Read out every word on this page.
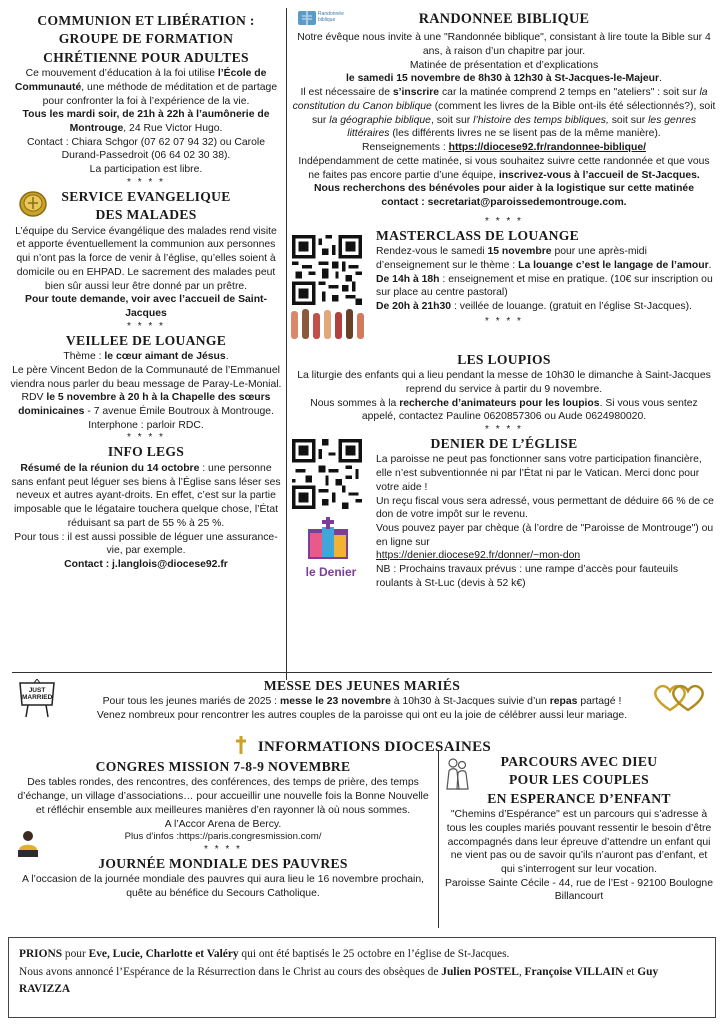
COMMUNION ET LIBÉRATION :
GROUPE DE FORMATION
CHRÉTIENNE POUR ADULTES

Ce mouvement d’éducation à la foi utilise l’École de Communauté, une méthode de méditation et de partage pour confronter la foi à l’expérience de la vie.

Tous les mardi soir, de 21h à 22h à l’aumônerie de Montrouge, 24 Rue Victor Hugo.

Contact : Chiara Schgor (07 62 07 94 32) ou Carole Durand-Passedroit (06 64 02 30 38).

La participation est libre.

* * * *
SERVICE EVANGELIQUE
DES MALADES

L’équipe du Service évangélique des malades rend visite et apporte éventuellement la communion aux personnes qui n’ont pas la force de venir à l’église, qu’elles soient à domicile ou en EHPAD. Le sacrement des malades peut bien sûr aussi leur être donné par un prêtre.

Pour toute demande, voir avec l’accueil de Saint-Jacques

* * * *
VEILLEE DE LOUANGE

Thème : le cœur aimant de Jésus.

Le père Vincent Bedon de la Communauté de l’Emmanuel viendra nous parler du beau message de Paray-Le-Monial.

RDV le 5 novembre à 20 h à la Chapelle des sœurs dominicaines - 7 avenue Émile Boutroux à Montrouge. Interphone : parloir RDC.

* * * *
INFO LEGS

Résumé de la réunion du 14 octobre : une personne sans enfant peut léguer ses biens à l’Église sans léser ses neveux et autres ayant-droits. En effet, c’est sur la partie imposable que le légataire touchera quelque chose, l’État réduisant sa part de 55 % à 25 %.

Pour tous : il est aussi possible de léguer une assurance-vie, par exemple.

Contact : j.langlois@diocese92.fr

Randonnée biblique	RANDONNEE BIBLIQUE

Notre évêque nous invite à une "Randonnée biblique", consistant à lire toute la Bible sur 4 ans, à raison d’un chapitre par jour.

Matinée de présentation et d’explications

le samedi 15 novembre de 8h30 à 12h30 à St-Jacques-le-Majeur.

Il est nécessaire de s’inscrire car la matinée comprend 2 temps en "ateliers" : soit sur la constitution du Canon biblique (comment les livres de la Bible ont-ils été sélectionnés?), soit sur la géographie biblique, soit sur l’histoire des temps bibliques, soit sur les genres littéraires (les différents livres ne se lisent pas de la même manière).

Renseignements : https://diocese92.fr/randonnee-biblique/

Indépendamment de cette matinée, si vous souhaitez suivre cette randonnée et que vous ne faites pas encore partie d’une équipe, inscrivez-vous à l’accueil de St-Jacques.

Nous recherchons des bénévoles pour aider à la logistique sur cette matinée

contact : secretariat@paroissedemontrouge.com.

* * * *
MASTERCLASS DE LOUANGE

Rendez-vous le samedi 15 novembre pour une après-midi d’enseignement sur le thème : La louange c’est le langage de l’amour.

De 14h à 18h : enseignement et mise en pratique. (10€ sur inscription ou sur place au centre pastoral)

De 20h à 21h30 : veillée de louange. (gratuit en l’église St-Jacques).

* * * *
LES LOUPIOS

La liturgie des enfants qui a lieu pendant la messe de 10h30 le dimanche à Saint-Jacques reprend du service à partir du 9 novembre.

Nous sommes à la recherche d’animateurs pour les loupios. Si vous vous sentez appelé, contactez Pauline 0620857306 ou Aude 0624980020.

* * * *
le Denier
DENIER DE L’ÉGLISE

La paroisse ne peut pas fonctionner sans votre participation financière, elle n’est subventionnée ni par l’État ni par le Vatican. Merci donc pour votre aide !

Un reçu fiscal vous sera adressé, vous permettant de déduire 66 % de ce don de votre impôt sur le revenu.

Vous pouvez payer par chèque (à l’ordre de "Paroisse de Montrouge") ou en ligne sur

https://denier.diocese92.fr/donner/~mon-don

NB : Prochains travaux prévus : une rampe d’accès pour fauteuils roulants à St-Luc (devis à 52 k€)

JUST MARRIED
MESSE DES JEUNES MARIÉS

Pour tous les jeunes mariés de 2025 : messe le 23 novembre à 10h30 à St-Jacques suivie d’un repas partagé !

Venez nombreux pour rencontrer les autres couples de la paroisse qui ont eu la joie de célébrer aussi leur mariage.

INFORMATIONS DIOCESAINES
CONGRES MISSION 7-8-9 NOVEMBRE

Des tables rondes, des rencontres, des conférences, des temps de prière, des temps d’échange, un village d’associations… pour accueillir une nouvelle fois la Bonne Nouvelle et réfléchir ensemble aux meilleures manières d’en rayonner là où nous sommes.

A l’Accor Arena de Bercy.

Plus d’infos :https://paris.congresmission.com/

* * * *
JOURNÉE MONDIALE DES PAUVRES

A l’occasion de la journée mondiale des pauvres qui aura lieu le 16 novembre prochain, quête au bénéfice du Secours Catholique.

PARCOURS AVEC DIEU
POUR LES COUPLES
EN ESPERANCE D’ENFANT

"Chemins d’Espérance" est un parcours qui s’adresse à tous les couples mariés pouvant ressentir le besoin d’être accompagnés dans leur épreuve d’attendre un enfant qui ne vient pas ou de savoir qu’ils n’auront pas d’enfant, et qui s’interrogent sur leur vocation.

Paroisse Sainte Cécile - 44, rue de l’Est - 92100 Boulogne Billancourt

PRIONS pour Eve, Lucie, Charlotte et Valéry qui ont été baptisés le 25 octobre en l’église de St-Jacques.

Nous avons annoncé l’Espérance de la Résurrection dans le Christ au cours des obsèques de Julien POSTEL, Françoise VILLAIN et Guy RAVIZZA
